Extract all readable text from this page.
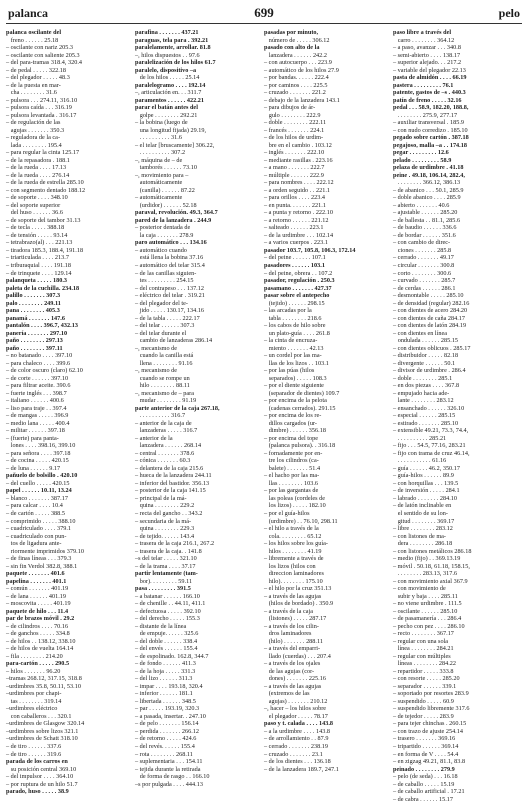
palanca	699	pelo
palanca oscilante del
freno . . . . . . 25.18
– oscilante con nariz 205.3
– oscilante con saliente 205.3
– del para-tramas 318.4, 320.4
– de pedal . . . . . 322.18
– del plegador . . . . . 48.3
– de la puesta en mar-
cha . . . . . . . . 31.6
– pulsora . . . 274.11, 316.10
– pulsora caída . . . 316.19
– pulsora levantada . 316.17
– de regulación de las
agujas . . . . . . . 350.3
– reguladora de la ca-
lada . . . . . . . . 195.4
– para regular la cinta 125.17
– de la repasadora . 188.1
– de la rueda . . . . 17.13
– de la rueda . . . . 276.14
– de la rueda de estrella 285.10
– con segmento dentado 188.12
– de soporte . . . . 348.10
– del soporte superior
del huso . . . . . . 36.6
– de soporte del tambor 31.13
– de tecla . . . . . 388.18
– de tensión . . . . . 93.14
– tetrabrazo(al) . . . 221.13
– tiradora 185.3, 188.4, 191.18
– triarticulada . . . . 213.7
– triburaquial . . . . 191.18
– de trinquete . . . . 129.14
palanqueta . . . . . 180.3
paleta de la cuchilla. 234.18
palillo . . . . . . . 307.3
palo . . . . . . . . 249.11
pana . . . . . . . . 405.3
panamá . . . . . . . 147.6
pantalón . . . . 396.7, 432.13
panería . . . . . . . 297.10
paño . . . . . . . . 297.13
paño . . . . . . . . 397.11
– no batanado . . . . 397.10
– para chaleco . . . . 399.6
– de color oscuro (claro) 62.10
– de corte . . . . . . 397.10
– para filtrar aceite. 390.6
– fuerte inglés . . . 398.7
– italiano . . . . . . 400.6
– liso para traje . . 397.4
– de mangas . . . . . 396.9
– medio lana . . . . . 400.4
– militar . . . . . . 397.18
– (fuerte) para panta-
lones . . . . 398.16, 399.10
– para señora . . . . 397.18
– de cocina . . . . . 420.15
– de luna . . . . . . 9.17
pañuelo de bolsillo . 420.10
– del cuello . . . . . 420.15
papel . . . . . . 10.11, 13.24
– blanco . . . . . . . 387.17
– para calcar . . . . 10.4
– de cartón . . . . . 388.5
– comprimido . . . . . 388.10
– cuadriculado . . . . 379.1
– cuadriculado con pun-
tos de ligadura ante-
riormente imprimidos 379.10
– de finas líneas . . . 379.3
– sin fin Verdol 382.8, 388.1
paquete . . . . . . . 401.6
papelina . . . . . . . 401.1
– común . . . . . . . 401.19
– de lana . . . . . . 401.19
– moscovita . . . . . 401.19
paquete de hilo . . . 11.4
par de brazos móvil . 29.2
– de cilindros . . . . 70.16
– de ganchos . . . . . 334.8
– de hilos . . 138.12, 338.10
– de hilos de vuelta 164.14
– fila . . . . . . . . 214.20
para-cartón . . . . . 290.5
– hilos . . . . . . . 96.20
–tramas 268.12, 317.15, 318.8
–urdimbres 35.8, 50.11, 53.10
–urdimbres por chapi-
tas . . . . . . . . 319.14
–urdimbres eléctrico
con caballeros . . . 320.1
–urdimbres de Glasgow 320.14
–urdimbres sobre lizos 321.1
–urdimbres de Schatt 318.10
– de tiro . . . . . . 337.6
– de tiro . . . . . . 319.6
parada de los carros en
su posición central 369.10
– del impulsor . . . . 364.10
– por ruptura de un hilo 51.7
parado, huso . . . . . 38.9
parafina . . . . . . . 437.21
paraguas, tela para . 392.21
paralelamente, arrollar. 81.8
–, hilos dispuestos . . 97.6
paralelización de los hilos 61.7
paralelo, dispositivo –a
de los hilos . . . . . 25.14
paralelogramo . . . . 192.14
–, articulación en. . . 311.7
paramentos . . . . . . 422.21
parar el batán antes del
golpe . . . . . . . . 292.21
– la bobina (luego de
una longitud fijada) 29.19,
. . . . . . . . . . 31.6
– el telar [bruscamente] 306.22,
. . . . . . . . . . 307.2
–, máquina de – de
tamborés . . . . . . 73.10
–, movimiento para –
automáticamente
(canilla) . . . . . . 87.22
– automáticamente
(urdidor) . . . . . . 52.18
paraval, revolución. 49.3, 364.7
pared de la lanzadera . 244.9
– posterior dentada de
la caja . . . . . . . 278.9
paro automático . . . 134.16
– automático cuando
está llena la bobina 37.16
– automático del telar 315.4
– de las canillas siguien-
tes . . . . . . . . . 254.15
– del contrapeso . . . 137.12
– eléctrico del telar . 319.21
– del plegador del te-
jido . . . . . 130.17, 134.16
– de la tabla . . . . . 222.17
– del telar . . . . . . 307.3
– del telar durante el
cambio de lanzaderas 286.14
–, mecanismo de
cuando la canilla está
llena . . . . . . . . 91.16
–, mecanismo de
cuando se rompe un
hilo . . . . . . . . 88.11
–, mecanismo de – para
mudar . . . . . . . . 91.19
parte anterior de la caja 267.18,
. . . . . . . . . . 316.7
– anterior de la caja de
lanzaderas . . . . . 316.7
– anterior de la
lanzadera . . . . . . 268.14
– central . . . . . . . 378.6
– cónica . . . . . . . 60.3
– delantera de la caja 215.6
– hueca de la lanzadera 244.11
– inferior del bastidor. 356.13
– posterior de la caja 141.15
– principal de la má-
quina . . . . . . . . 229.2
– recta del gancho . . 343.2
– secundaria de la má-
quina . . . . . . . . 229.3
– de tejido. . . . . . 143.4
– trasera de la caja 216.1, 267.2
– trasera de la caja. . 141.8
–s del telar . . . . . 321.10
– de la trama . . . . 37.17
partir lentamente (tam-
bor). . . . . . . . . 59.11
pasa . . . . . . . . . 391.5
– a batanar . . . . . . 166.10
– de chenille . . 44.11, 411.1
– defectuosa . . . . . 392.10
– del derecho . . . . . 155.3
– distante de la línea
de empuje. . . . . . 325.6
– del doble . . . . . . 338.4
– del envés . . . . . . 155.4
– de espolinado. 162.8, 344.7
– de fondo . . . . . . 411.3
– de la hoja . . . . . 331.3
– del lizo . . . . . . 311.3
– impar . . . . 193.18, 320.4
– inferior . . . . . . 181.1
– libertada . . . . . . 348.5
– par . . . . . 193.19, 320.3
– a pasada, insertar. . 247.10
– de pelo . . . . . . . 156.14
– perdida . . . . . . . 266.12
– de retorno . . . . . 424.6
– del revés. . . . . . 155.4
– rota . . . . . . . . 268.11
– suplementaria . . . 154.11
– tejida durante la retirada
de forma de rasgo . . 166.10
–s por pulgada . . . . 444.13
pasadas por minuto,
número de . . . . . 306.12
pasado con alto de la
lanzadera . . . . . . 242.2
– con autocuerpo . . . 223.9
– automático de los hilos 27.9
– por bandas. . . . . . 222.4
– por caminos . . . . 225.5
– cruzado . . . . . . . 221.2
– debajo de la lanzadera 143.1
– para dibujos de ár-
gulo . . . . . . . . 222.9
– doble . . . . . . . . 222.11
– francés . . . . . . . 224.1
– de los hilos de urdim-
bre en el cambio . 103.12
– inglés . . . . . . . 222.10
– mediante rasillas . 223.16
– a mano . . . . . . . 222.7
– múltiple . . . . . . 222.9
– para nombres . . . . 222.12
– a orden seguido . . 221.1
– para orillos . . . . 223.4
– en punta. . . . . . . 221.1
– a punta y retorno . 222.10
– a retorno . . . . . . 221.12
– salteado . . . . . . 223.1
– de la urdimbre . . . 102.14
– a varios cuerpos . 223.1
pasador 103.7, 105.8, 106.3, 172.14
– del peine . . . . . . 107.1
pasadores . . . . . . 103.1
– del peine, obrera . . 107.2
pasador, regulación . 250.3
pasamano . . . . . . . 427.37
pasar sobre el antepecho
(tejido) . . . . . . 298.15
– las arcadas por la
tabla . . . . . . . . 218.6
– los cabos de hilo sobre
un plato-guía . . . . 261.8
– la cinta de encruza-
miento . . . . . . . 42.13
– un cordel por las ma-
llas de los lizos . . 103.1
– por las púas (hilos
separados) . . . . . 108.3
– por el diente siguiente
(separador de dientes) 109.7
– por encima de la pelota
(cadenas cerrados). 291.15
– por encima de los re-
dillos cargados (ur-
dimbre) . . . . . . 356.18
– por encima del tope
(palanca pulsora). . 316.18
– fornadamente por en-
tre los cilindros (ca-
balete) . . . . . . . 51.4
– el hacho por las ma-
llas . . . . . . . . 103.6
– por las gargantas de
las poleas (cordeles de
los lizos) . . . . . 182.10
– por el guía-hilos
(urdimbre) . . 76.10, 298.11
– el hilo a través de la
cola. . . . . . . . . 65.12
– los hilos sobre los guía-
hilos . . . . . . . . 41.19
– libremente a través de
los lizos (hilos con
direccion laminadores
hilo). . . . . . . . 175.10
– el hilo por la cruz 351.13
– a través de las agujas
(hilos de bordado) . 350.9
– a través de la caja
(listones) . . . . . 287.17
– a través de los cilin-
dros laminadores
(hilo) . . . . . . . 288.11
– a través del emparri-
llado (cuerdas) . . . 207.4
– a través de los ojales
de las agujas (cor-
dones) . . . . . . . 225.16
– a través de las agujas
(extremos de las
agujas) . . . . . . . 210.12
–, hacer – los hilos sobre
el plegador . . . . . 78.17
paso y t. calada . . . . 143.8
– a la urdimbre . . . . 143.8
– de arrollamiento . . 87.9
– cerrado . . . . . . . 238.19
– cruzado . . . . . . . 23.1
– de los dientes . . . 136.18
– de la lanzadera 189.7, 247.1
paso libre a través del
carro . . . . . . . . 364.12
– a paso, avanzar . . . 340.8
– semi-abierto . . . . 138.17
– superior alejado. . . 217.2
– variable del plegador 22.13
pasta de almidón . . . . 66.19
pastera . . . . . . . . . 76.1
patente, gastos de –s . 440.3
patín de freno . . . . . 32.16
pedal . . . 58.9, 182.20, 188.8,
. . . . . . . . 275.9, 277.17
– auxiliar transversal . 185.9
– con nudo corredizo . 185.10
pegado sobre cartón . 387.18
pegajoso, malla –a . . 174.18
pegar . . . . . . . . . 12.6
pelado . . . . . . . . . 58.9
pelaza de urdimbre . 41.18
peine . 49.18, 106.14, 282.4,
. . . . . . . . 366.12, 386.13
– de abanico . . . 50.1, 285.9
– doble abanico . . . . 285.9
– abierto . . . . . . . 40.6
– ajustable . . . . . . 285.20
– de ballesta . . 81.1, 285.6
– de baudio . . . . . . 336.6
– de bordar . . . . . . 351.6
– con cambio de direc-
ciones . . . . . . . 285.8
– cerrado . . . . . . . 49.17
– circular . . . . . . . 300.8
– corto . . . . . . . . 300.6
– curvado . . . . . . . 285.7
– de cerdas . . . . . . 286.1
– desmontable . . . . . 285.10
– de densidad (regular) 282.16
– con dientes de acero 284.20
– con dientes de caña 284.17
– con dientes de latón 284.19
– con dientes en línea
ondulada . . . . . . 285.15
– con dientes oblicuos . 285.17
– distribuidor . . . . . 82.18
– divergente . . . . . . 50.1
– divisor de urdimbre . 286.4
– doble . . . . . . . . 285.1
– en dos piezas . . . . 367.8
– empujado hacia ade-
lante . . . . . . . . 283.12
– ensanchado . . . . . . 326.10
– especial . . . . . . 285.15
– estirado . . . . . . . 285.10
– extensible 49.21, 73.3, 74.4,
. . . . . . . . . . 285.21
– fijo . . . 54.5, 77.16, 283.21
– fijo con trama de cruz 46.14,
. . . . . . . . . . . 61.16
– guía . . . . . . 46.2, 350.17
– guía-hilos . . . . . . 89.9
– con horquillas . . . 139.5
– de inversión . . . . . 284.1
– labrado . . . . . . . 284.10
– de latón inclinable en
el sentido de su lon-
gitud . . . . . . . . 369.17
– libre . . . . . . . . 283.12
– con listones de ma-
dera . . . . . . . . 286.18
– con listones metálicos 286.18
– medio (fijo) . . 369.13.19
– móvil . 50.18, 61.18, 158.15,
. . . . . . . . 283.13, 317.6
– con movimiento axial 367.9
– con movimiento de
subir y baja . . . . 285.11
– no viene urdimbre . 111.5
– oscilante . . . . . . 285.10
– de pasamanería . . . 286.4
– pecho con pez . . . . 286.10
– recto . . . . . . . . 367.17
– regular con una sola
línea . . . . . . . . 284.21
– regular con múltiples
líneas . . . . . . . . 284.22
– repartidor . . . . . 333.8
– con resorte . . . . . 285.20
– separador . . . . . . 339.1
– soportado por resortes 283.9
– suspendido . . . . . 60.9
– suspendido libremente 317.6
– de tejedor . . . . . 283.9
– para tejer chinchas . 260.15
– con trazo de ajuste 254.14
– trasero . . . . . . . 369.16
– tripartido . . . . . . 369.14
– en forma de V . . . . 54.4
– en zigzag 49.21, 81.1, 83.8
peinado . . . . . . . . 279.9
– pelo (de seda) . . . 16.18
– de caballo . . . . . 15.19
– de caballo artificial . 17.21
– de cabra . . . . . . 15.17
